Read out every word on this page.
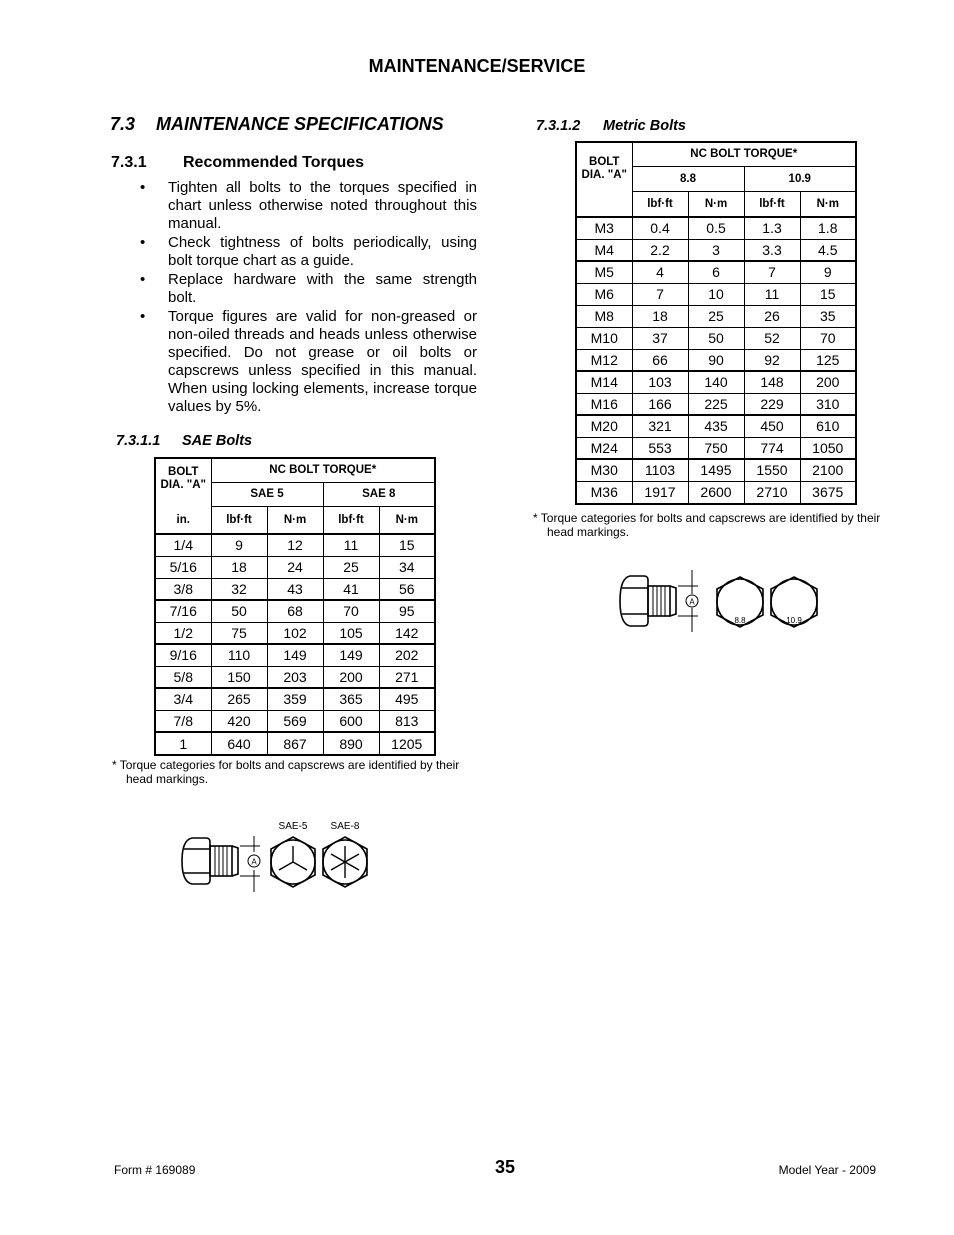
MAINTENANCE/SERVICE
7.3 MAINTENANCE SPECIFICATIONS
7.3.1 Recommended Torques
• Tighten all bolts to the torques specified in chart unless otherwise noted throughout this manual.
• Check tightness of bolts periodically, using bolt torque chart as a guide.
• Replace hardware with the same strength bolt.
• Torque figures are valid for non-greased or non-oiled threads and heads unless otherwise specified. Do not grease or oil bolts or capscrews unless specified in this manual. When using locking elements, increase torque values by 5%.
7.3.1.1 SAE Bolts
BOLT DIA. "A"	NC BOLT TORQUE*			
	SAE 5		SAE 8	
in.	lbf·ft	N·m	lbf·ft	N·m
1/4	9	12	11	15
5/16	18	24	25	34
3/8	32	43	41	56
7/16	50	68	70	95
1/2	75	102	105	142
9/16	110	149	149	202
5/8	150	203	200	271
3/4	265	359	365	495
7/8	420	569	600	813
1	640	867	890	1205
* Torque categories for bolts and capscrews are identified by their
head markings.
A
SAE-5 SAE-8
7.3.1.2 Metric Bolts
BOLT DIA. "A"	NC BOLT TORQUE*			
	8.8		10.9	
	lbf·ft	N·m	lbf·ft	N·m
M3	0.4	0.5	1.3	1.8
M4	2.2	3	3.3	4.5
M5	4	6	7	9
M6	7	10	11	15
M8	18	25	26	35
M10	37	50	52	70
M12	66	90	92	125
M14	103	140	148	200
M16	166	225	229	310
M20	321	435	450	610
M24	553	750	774	1050
M30	1103	1495	1550	2100
M36	1917	2600	2710	3675
* Torque categories for bolts and capscrews are identified by their
head markings.
A
8.8	10.9
Form # 169089	35	Model Year - 2009
